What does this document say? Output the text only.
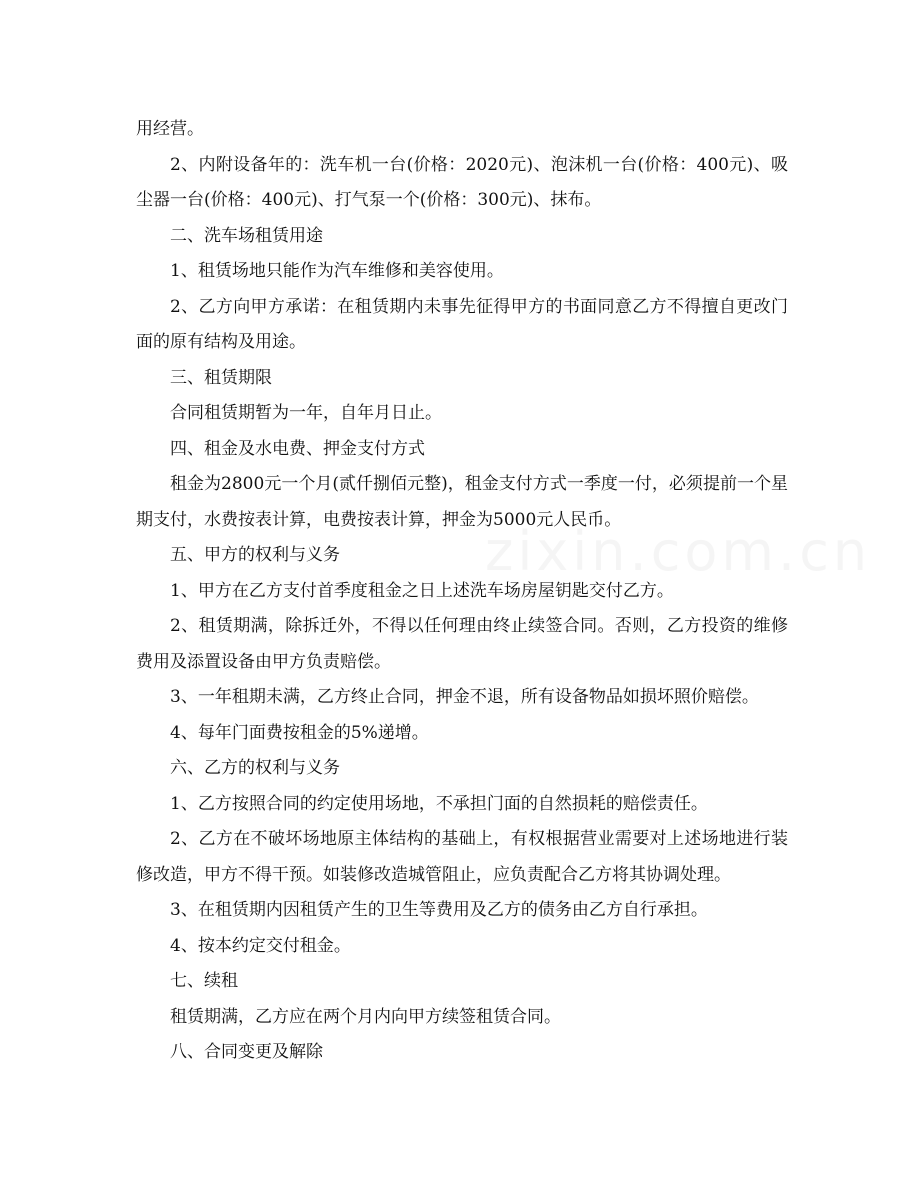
zixin.com.cn

用经营。

2、内附设备年的：洗车机一台(价格：2020元)、泡沫机一台(价格：400元)、吸尘器一台(价格：400元)、打气泵一个(价格：300元)、抹布。

二、洗车场租赁用途

1、租赁场地只能作为汽车维修和美容使用。

2、乙方向甲方承诺：在租赁期内未事先征得甲方的书面同意乙方不得擅自更改门面的原有结构及用途。

三、租赁期限

合同租赁期暂为一年，自年月日止。

四、租金及水电费、押金支付方式

租金为2800元一个月(贰仟捌佰元整)，租金支付方式一季度一付，必须提前一个星期支付，水费按表计算，电费按表计算，押金为5000元人民币。

五、甲方的权利与义务

1、甲方在乙方支付首季度租金之日上述洗车场房屋钥匙交付乙方。

2、租赁期满，除拆迁外，不得以任何理由终止续签合同。否则，乙方投资的维修费用及添置设备由甲方负责赔偿。

3、一年租期未满，乙方终止合同，押金不退，所有设备物品如损坏照价赔偿。

4、每年门面费按租金的5%递增。

六、乙方的权利与义务

1、乙方按照合同的约定使用场地，不承担门面的自然损耗的赔偿责任。

2、乙方在不破坏场地原主体结构的基础上，有权根据营业需要对上述场地进行装修改造，甲方不得干预。如装修改造城管阻止，应负责配合乙方将其协调处理。

3、在租赁期内因租赁产生的卫生等费用及乙方的债务由乙方自行承担。

4、按本约定交付租金。

七、续租

租赁期满，乙方应在两个月内向甲方续签租赁合同。

八、合同变更及解除
